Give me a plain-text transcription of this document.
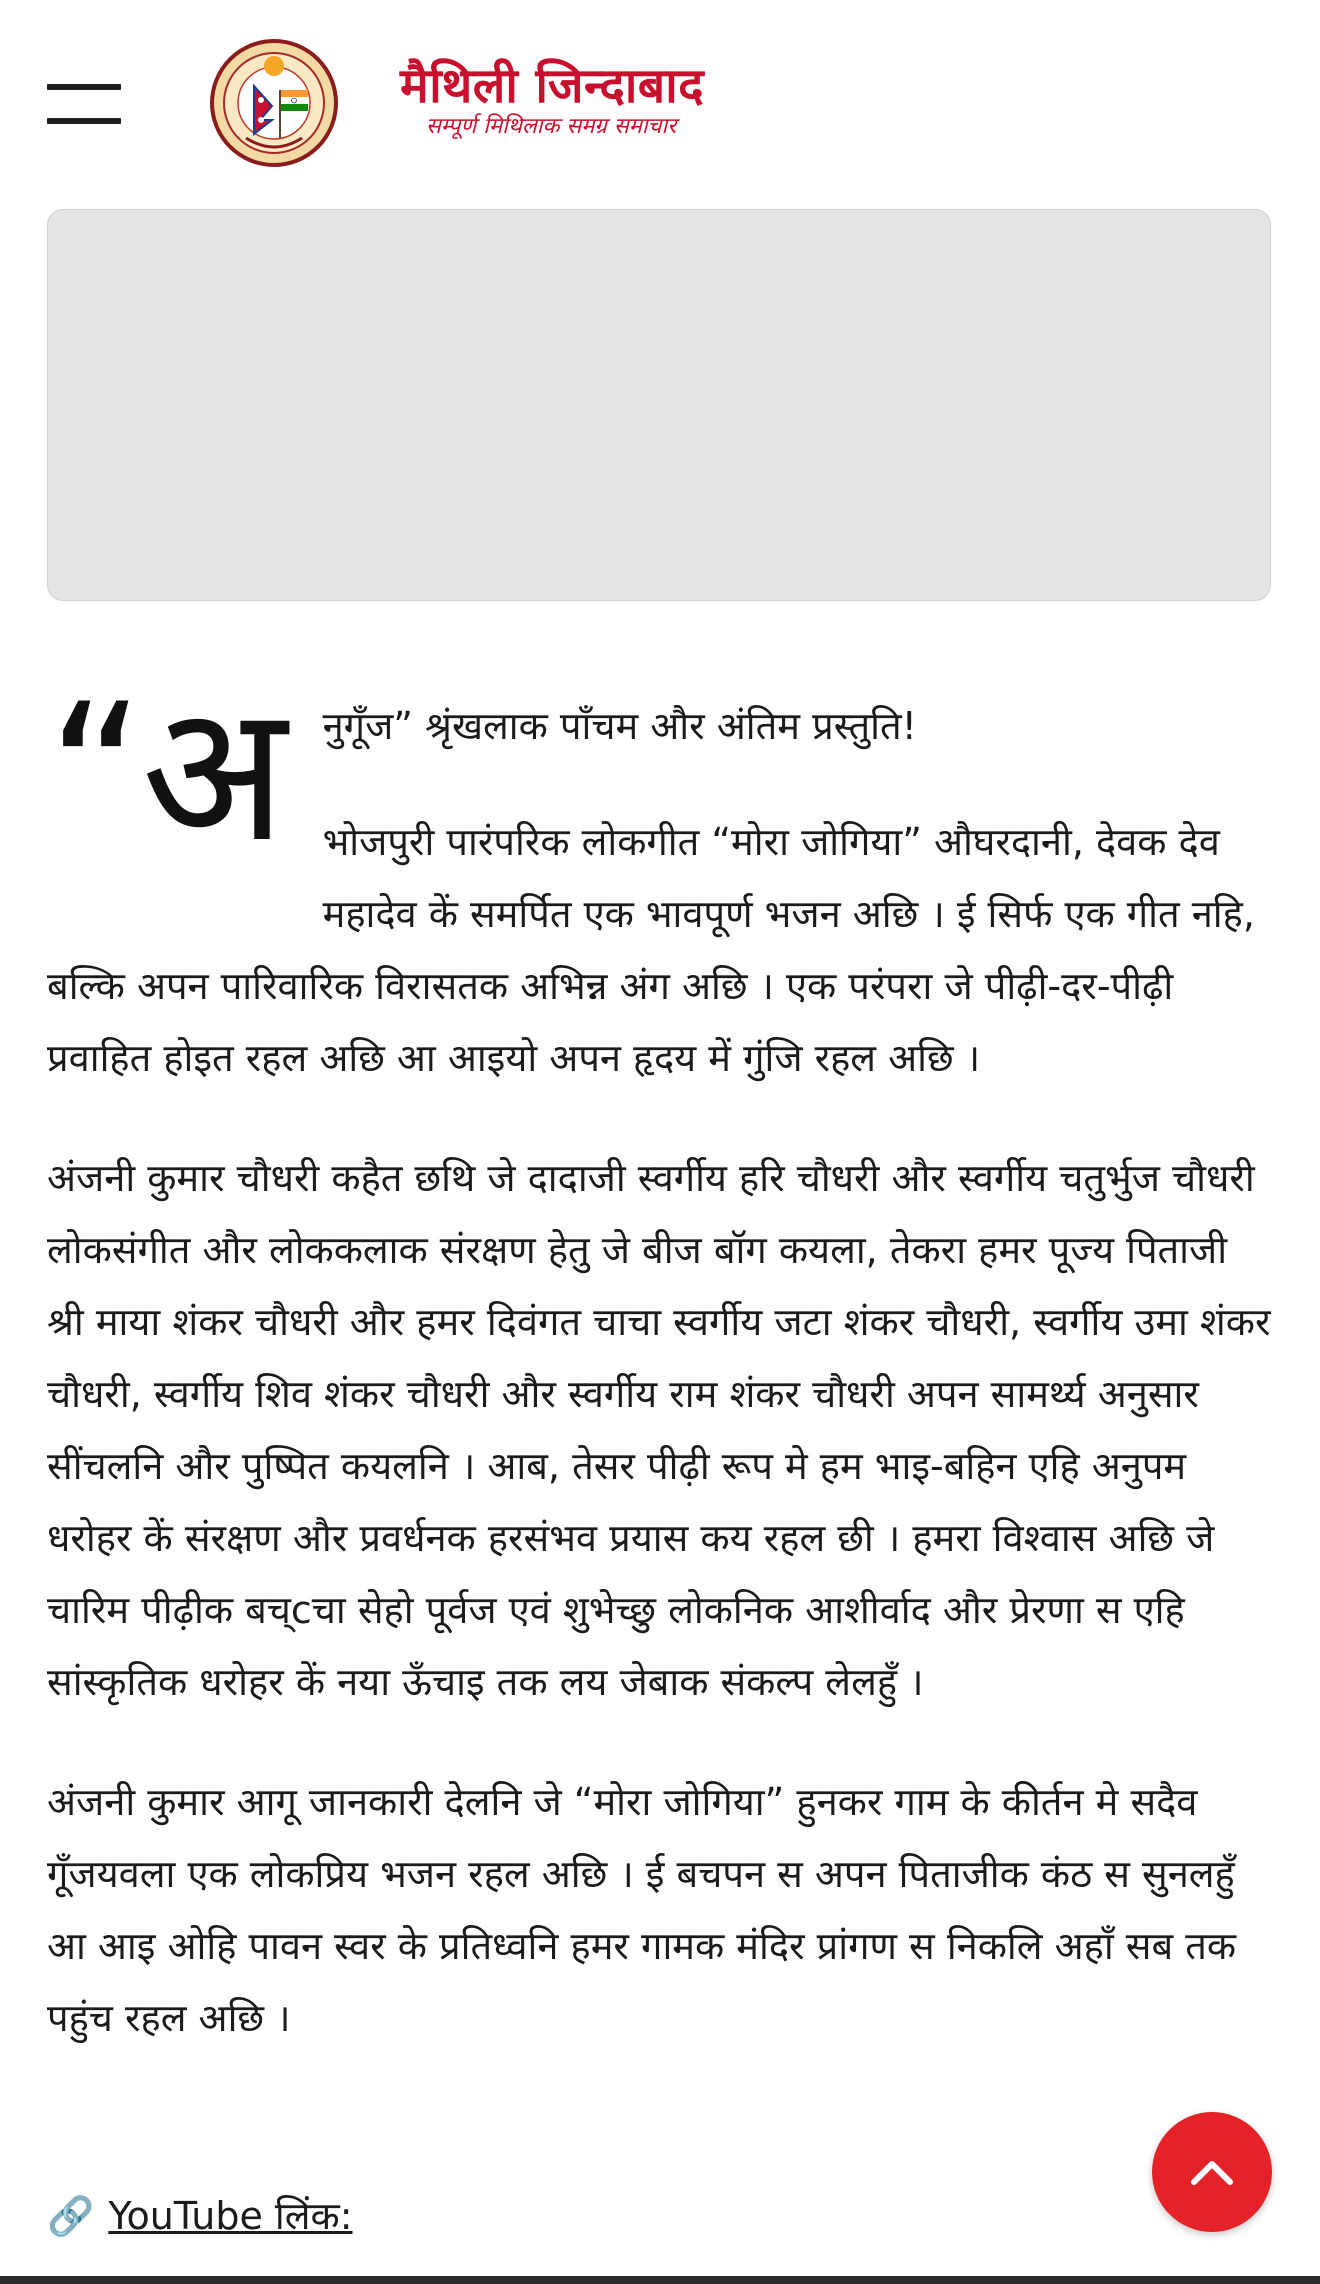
मैथिली जिन्दाबाद
सम्पूर्ण मिथिलाक समग्र समाचार
“अ	नुगूँज” श्रृंखलाक पाँचम और अंतिम प्रस्तुति!

भोजपुरी पारंपरिक लोकगीत “मोरा जोगिया” औघरदानी, देवक देव महादेव कें समर्पित एक भावपूर्ण भजन अछि । ई सिर्फ एक गीत नहि, बल्कि अपन पारिवारिक विरासतक अभिन्न अंग अछि । एक परंपरा जे पीढ़ी-दर-पीढ़ी प्रवाहित होइत रहल अछि आ आइयो अपन हृदय में गुंजि रहल अछि ।

अंजनी कुमार चौधरी कहैत छथि जे दादाजी स्वर्गीय हरि चौधरी और स्वर्गीय चतुर्भुज चौधरी लोकसंगीत और लोककलाक संरक्षण हेतु जे बीज बॉग कयला, तेकरा हमर पूज्य पिताजी श्री माया शंकर चौधरी और हमर दिवंगत चाचा स्वर्गीय जटा शंकर चौधरी, स्वर्गीय उमा शंकर चौधरी, स्वर्गीय शिव शंकर चौधरी और स्वर्गीय राम शंकर चौधरी अपन सामर्थ्य अनुसार सींचलनि और पुष्पित कयलनि । आब, तेसर पीढ़ी रूप मे हम भाइ-बहिन एहि अनुपम धरोहर कें संरक्षण और प्रवर्धनक हरसंभव प्रयास कय रहल छी । हमरा विश्वास अछि जे चारिम पीढ़ीक बच्cचा सेहो पूर्वज एवं शुभेच्छु लोकनिक आशीर्वाद और प्रेरणा स एहि सांस्कृतिक धरोहर कें नया ऊँचाइ तक लय जेबाक संकल्प लेलहुँ ।

अंजनी कुमार आगू जानकारी देलनि जे “मोरा जोगिया” हुनकर गाम के कीर्तन मे सदैव गूँजयवला एक लोकप्रिय भजन रहल अछि । ई बचपन स अपन पिताजीक कंठ स सुनलहुँ आ आइ ओहि पावन स्वर के प्रतिध्वनि हमर गामक मंदिर प्रांगण स निकलि अहाँ सब तक पहुंच रहल अछि ।

🔗 YouTube लिंक:
